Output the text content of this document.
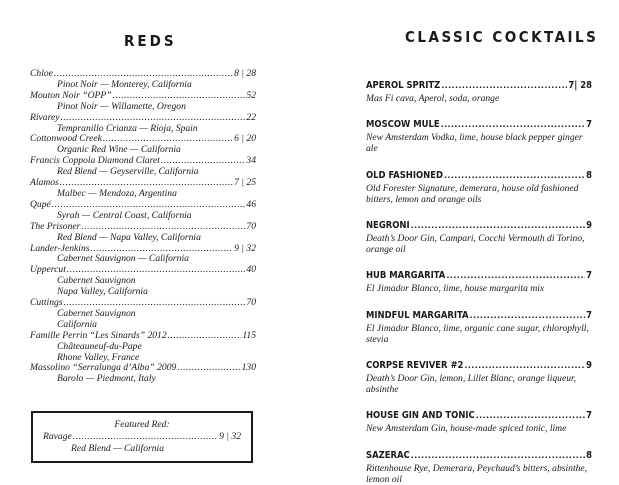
REDS	CLASSIC COCKTAILS
Chloe .....	8 | 28
Pinot Noir — Monterey, California
Mouton Noir “OPP” .....	52
Pinot Noir — Willamette, Oregon
Rivarey .....	22
Tempranillo Crianza — Rioja, Spain
Cottonwood Creek .....	6 | 20
Organic Red Wine — California
Francis Coppola Diamond Claret .....	34
Red Blend — Geyserville, California
Alamos .....	7 | 25
Malbec — Mendoza, Argentina
Qupé .....	46
Syrah — Central Coast, California
The Prisoner .....	70
Red Blend — Napa Valley, California
Lander-Jenkins .....	9 | 32
Cabernet Sauvignon — California
Uppercut .....	40
Cabernet Sauvignon
Napa Valley, California
Cuttings .....	70
Cabernet Sauvignon
California
Famille Perrin “Les Sinards” 2012 .....	115
Châteauneuf-du-Pape
Rhone Valley, France
Massolino “Serralunga d’Alba” 2009 .....	130
Barolo — Piedmont, Italy
Featured Red:
Ravage .....	9 | 32
Red Blend — California
APEROL SPRITZ .....	7| 28
Mas Fi cava, Aperol, soda, orange
MOSCOW MULE .....	7
New Amsterdam Vodka, lime, house black pepper ginger
ale
OLD FASHIONED .....	8
Old Forester Signature, demerara, house old fashioned
bitters, lemon and orange oils
NEGRONI .....	9
Death’s Door Gin, Campari, Cocchi Vermouth di Torino,
orange oil
HUB MARGARITA .....	7
El Jimador Blanco, lime, house margarita mix
MINDFUL MARGARITA .....	7
El Jimador Blanco, lime, organic cane sugar, chlorophyll,
stevia
CORPSE REVIVER #2 .....	9
Death’s Door Gin, lemon, Lillet Blanc, orange liqueur,
absinthe
HOUSE GIN AND TONIC .....	7
New Amsterdam Gin, house-made spiced tonic, lime
SAZERAC .....	8
Rittenhouse Rye, Demerara, Peychaud’s bitters, absinthe,
lemon oil
